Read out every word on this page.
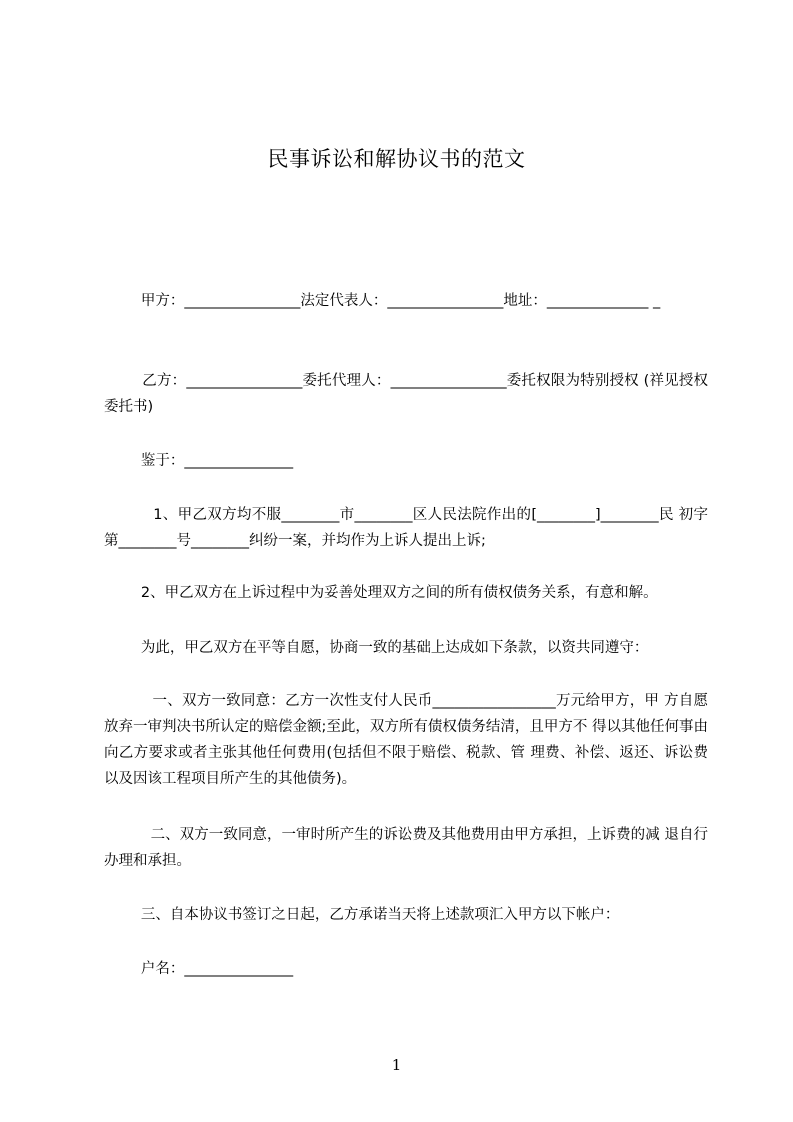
民事诉讼和解协议书的范文
甲方：________________法定代表人：________________地址：______________ _
乙方：________________委托代理人：________________委托权限为特别授权 (祥见授权委托书)
鉴于：_______________
1、甲乙双方均不服________市________区人民法院作出的[________]________民 初字第________号________纠纷一案，并均作为上诉人提出上诉;
2、甲乙双方在上诉过程中为妥善处理双方之间的所有债权债务关系，有意和解。
为此，甲乙双方在平等自愿，协商一致的基础上达成如下条款，以资共同遵守：
一、双方一致同意：乙方一次性支付人民币_________________万元给甲方，甲 方自愿放弃一审判决书所认定的赔偿金额;至此，双方所有债权债务结清，且甲方不 得以其他任何事由向乙方要求或者主张其他任何费用(包括但不限于赔偿、税款、管 理费、补偿、返还、诉讼费以及因该工程项目所产生的其他债务)。
二、双方一致同意，一审时所产生的诉讼费及其他费用由甲方承担，上诉费的减 退自行办理和承担。
三、自本协议书签订之日起，乙方承诺当天将上述款项汇入甲方以下帐户：
户名：_______________
1
